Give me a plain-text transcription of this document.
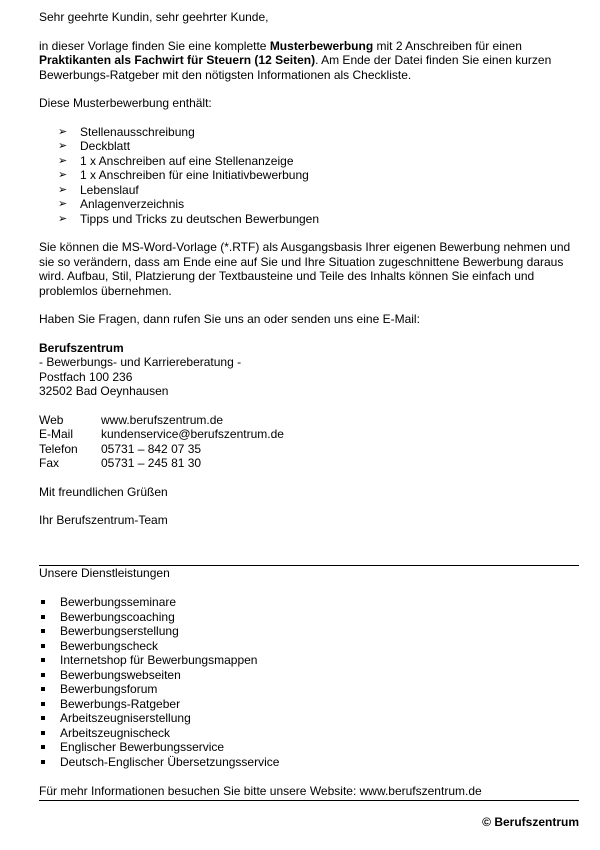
Sehr geehrte Kundin, sehr geehrter Kunde,

in dieser Vorlage finden Sie eine komplette Musterbewerbung mit 2 Anschreiben für einen Praktikanten als Fachwirt für Steuern (12 Seiten). Am Ende der Datei finden Sie einen kurzen Bewerbungs-Ratgeber mit den nötigsten Informationen als Checkliste.

Diese Musterbewerbung enthält:

➢ Stellenausschreibung
➢ Deckblatt
➢ 1 x Anschreiben auf eine Stellenanzeige
➢ 1 x Anschreiben für eine Initiativbewerbung
➢ Lebenslauf
➢ Anlagenverzeichnis
➢ Tipps und Tricks zu deutschen Bewerbungen

Sie können die MS-Word-Vorlage (*.RTF) als Ausgangsbasis Ihrer eigenen Bewerbung nehmen und sie so verändern, dass am Ende eine auf Sie und Ihre Situation zugeschnittene Bewerbung daraus wird. Aufbau, Stil, Platzierung der Textbausteine und Teile des Inhalts können Sie einfach und problemlos übernehmen.

Haben Sie Fragen, dann rufen Sie uns an oder senden uns eine E-Mail:

Berufszentrum
- Bewerbungs- und Karriereberatung -
Postfach 100 236
32502 Bad Oeynhausen
Web	www.berufszentrum.de
E-Mail	kundenservice@berufszentrum.de
Telefon	05731 – 842 07 35
Fax	05731 – 245 81 30

Mit freundlichen Grüßen

Ihr Berufszentrum-Team

Unsere Dienstleistungen
Bewerbungsseminare
Bewerbungscoaching
Bewerbungserstellung
Bewerbungscheck
Internetshop für Bewerbungsmappen
Bewerbungswebseiten
Bewerbungsforum
Bewerbungs-Ratgeber
Arbeitszeugniserstellung
Arbeitszeugnischeck
Englischer Bewerbungsservice
Deutsch-Englischer Übersetzungsservice
Für mehr Informationen besuchen Sie bitte unsere Website: www.berufszentrum.de
© Berufszentrum
